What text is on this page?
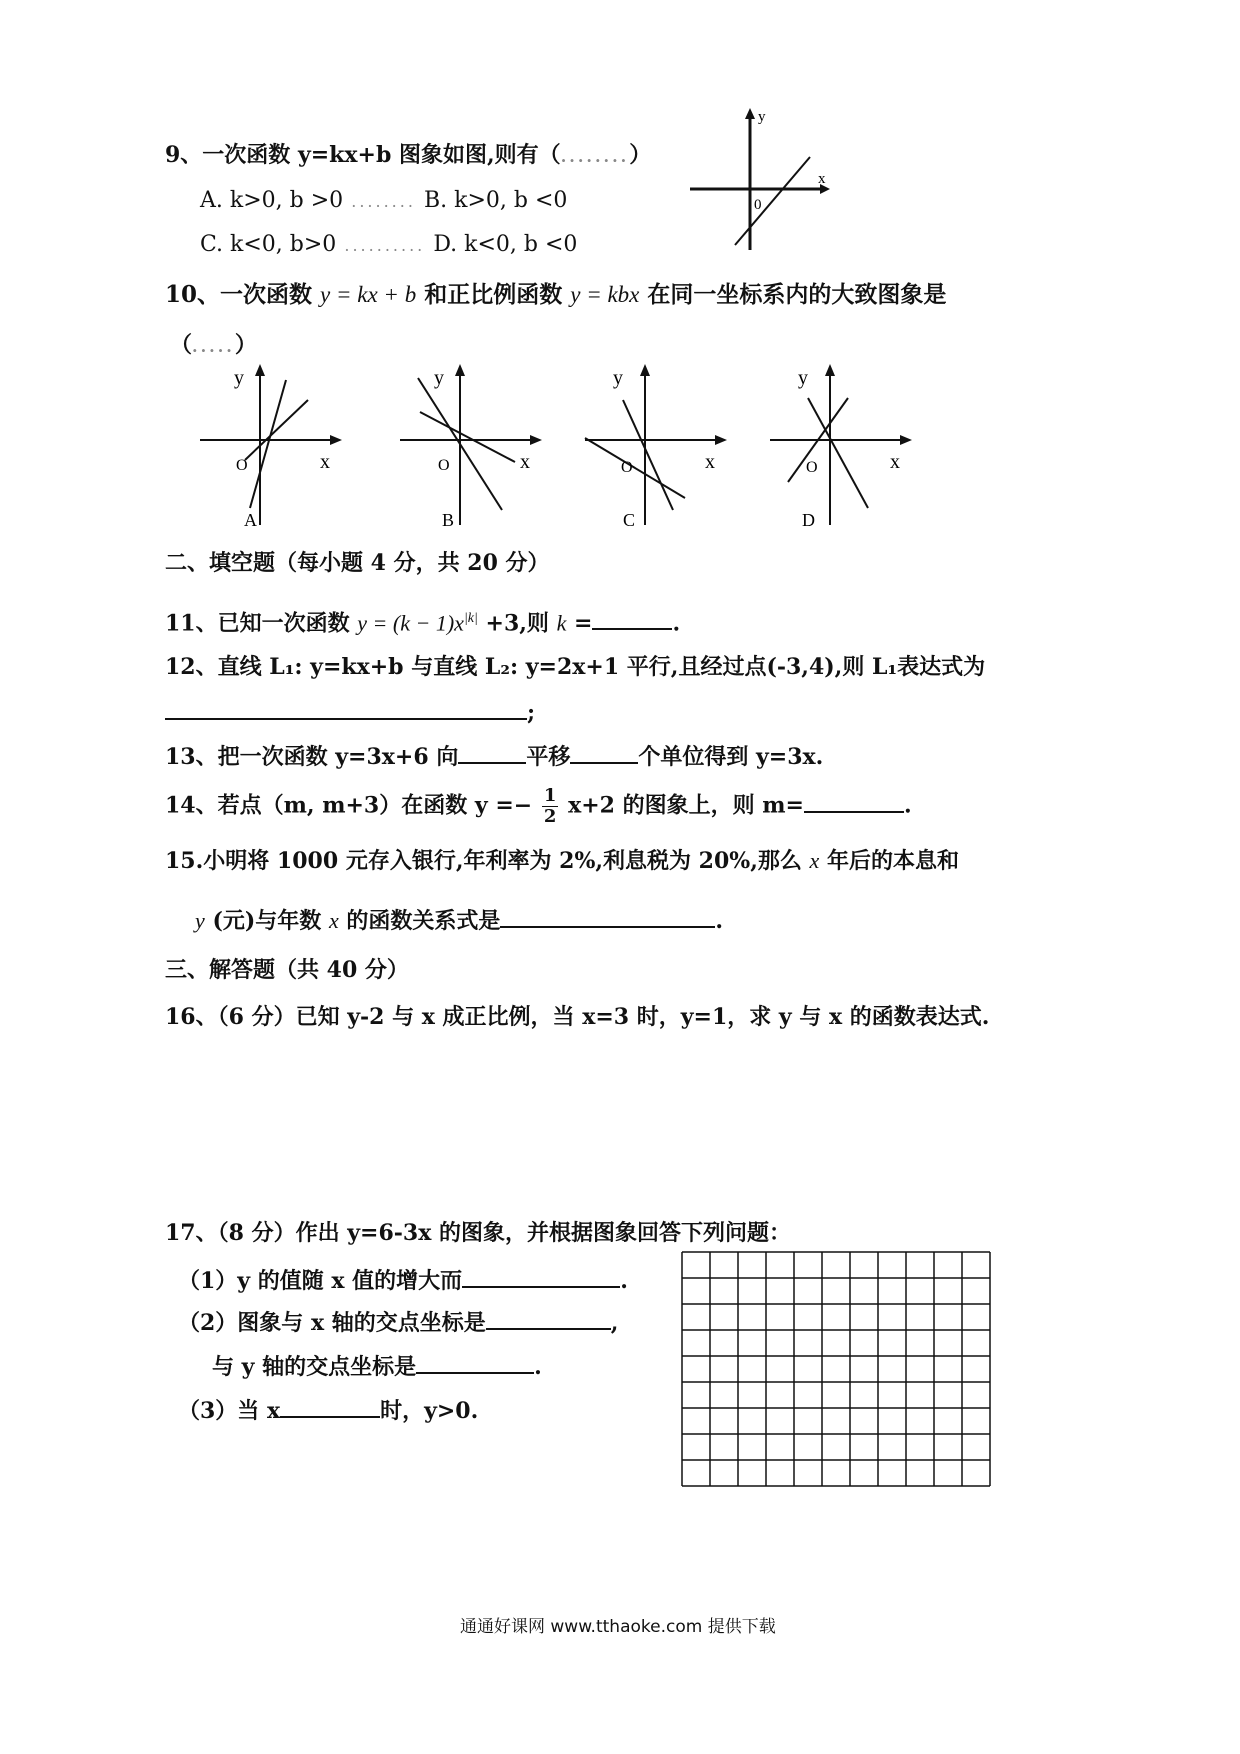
9、一次函数 y=kx+b 图象如图,则有（........）
A. k>0, b >0 ........ B. k>0, b <0
C. k<0, b>0 .......... D. k<0, b <0
y
x
0
10、一次函数 y = kx + b 和正比例函数 y = kbx 在同一坐标系内的大致图象是
（.....）
y
x
O
A
y
x
O
B
y
x
O
C
y
x
O
D
二、填空题（每小题 4 分，共 20 分）
11、已知一次函数 $y = (k - 1)x^{|k|} +3$,则 k =	.
12、直线 L₁: y=kx+b 与直线 L₂: y=2x+1 平行,且经过点(-3,4),则 L₁表达式为
;
13、把一次函数 y=3x+6 向	平移	个单位得到 y=3x.
14、若点（m, m+3）在函数 $y =- \frac{1}{2} x+2$ 的图象上，则 m=	.
15.小明将 1000 元存入银行,年利率为 2%,利息税为 20%,那么 x 年后的本息和
y (元)与年数 x 的函数关系式是	.
三、解答题（共 40 分）
16、（6 分）已知 y-2 与 x 成正比例，当 x=3 时，y=1，求 y 与 x 的函数表达式.
17、（8 分）作出 y=6-3x 的图象，并根据图象回答下列问题：
（1）y 的值随 x 值的增大而	.
（2）图象与 x 轴的交点坐标是	,
与 y 轴的交点坐标是	.
（3）当 x	时，y>0.
通通好课网 www.tthaoke.com 提供下载
